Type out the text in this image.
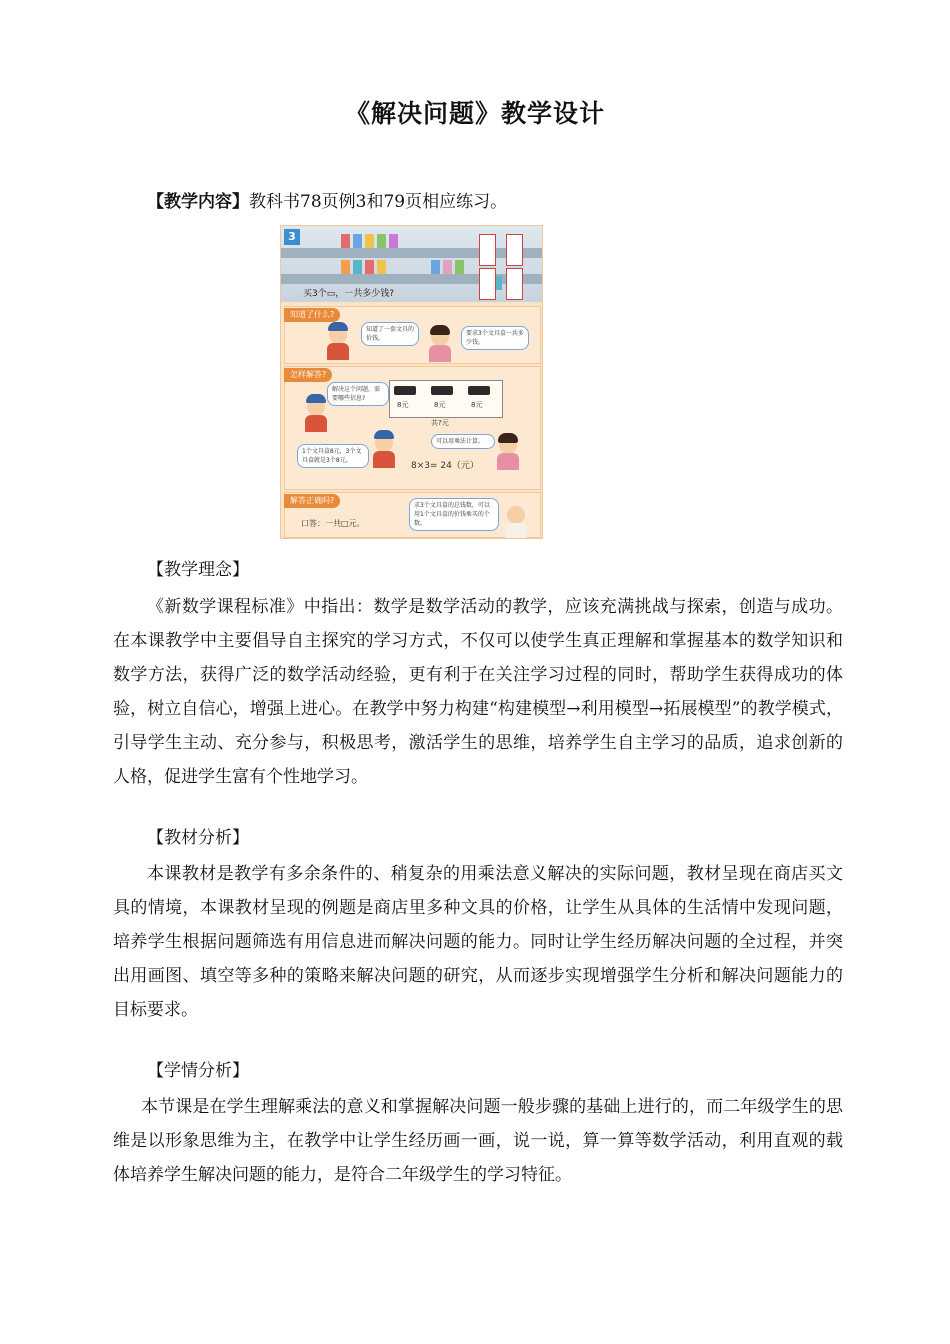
《解决问题》教学设计
【教学内容】教科书78页例3和79页相应练习。
3
买3个▭，一共多少钱?
知道了什么?
知道了一套文具的价钱。
要求3个文具盒一共多少钱。
怎样解答?
解决这个问题，需要哪些信息?
8元	8元	8元
共?元
1个文具盒8元，3个文具盒就是3个8元。
可以用乘法计算。
8×3= 24（元）
解答正确吗?
口答：一共□元。
求3个文具盒的总钱数，可以用1个文具盒的价钱乘买的个数。
【教学理念】
《新数学课程标准》中指出：数学是数学活动的教学，应该充满挑战与探索，创造与成功。在本课教学中主要倡导自主探究的学习方式，不仅可以使学生真正理解和掌握基本的数学知识和数学方法，获得广泛的数学活动经验，更有利于在关注学习过程的同时，帮助学生获得成功的体验，树立自信心，增强上进心。在教学中努力构建“构建模型→利用模型→拓展模型”的教学模式，引导学生主动、充分参与，积极思考，激活学生的思维，培养学生自主学习的品质，追求创新的人格，促进学生富有个性地学习。
【教材分析】
本课教材是教学有多余条件的、稍复杂的用乘法意义解决的实际问题，教材呈现在商店买文具的情境，本课教材呈现的例题是商店里多种文具的价格，让学生从具体的生活情中发现问题，培养学生根据问题筛选有用信息进而解决问题的能力。同时让学生经历解决问题的全过程，并突出用画图、填空等多种的策略来解决问题的研究，从而逐步实现增强学生分析和解决问题能力的目标要求。
【学情分析】
本节课是在学生理解乘法的意义和掌握解决问题一般步骤的基础上进行的，而二年级学生的思维是以形象思维为主，在教学中让学生经历画一画，说一说，算一算等数学活动，利用直观的载体培养学生解决问题的能力，是符合二年级学生的学习特征。
